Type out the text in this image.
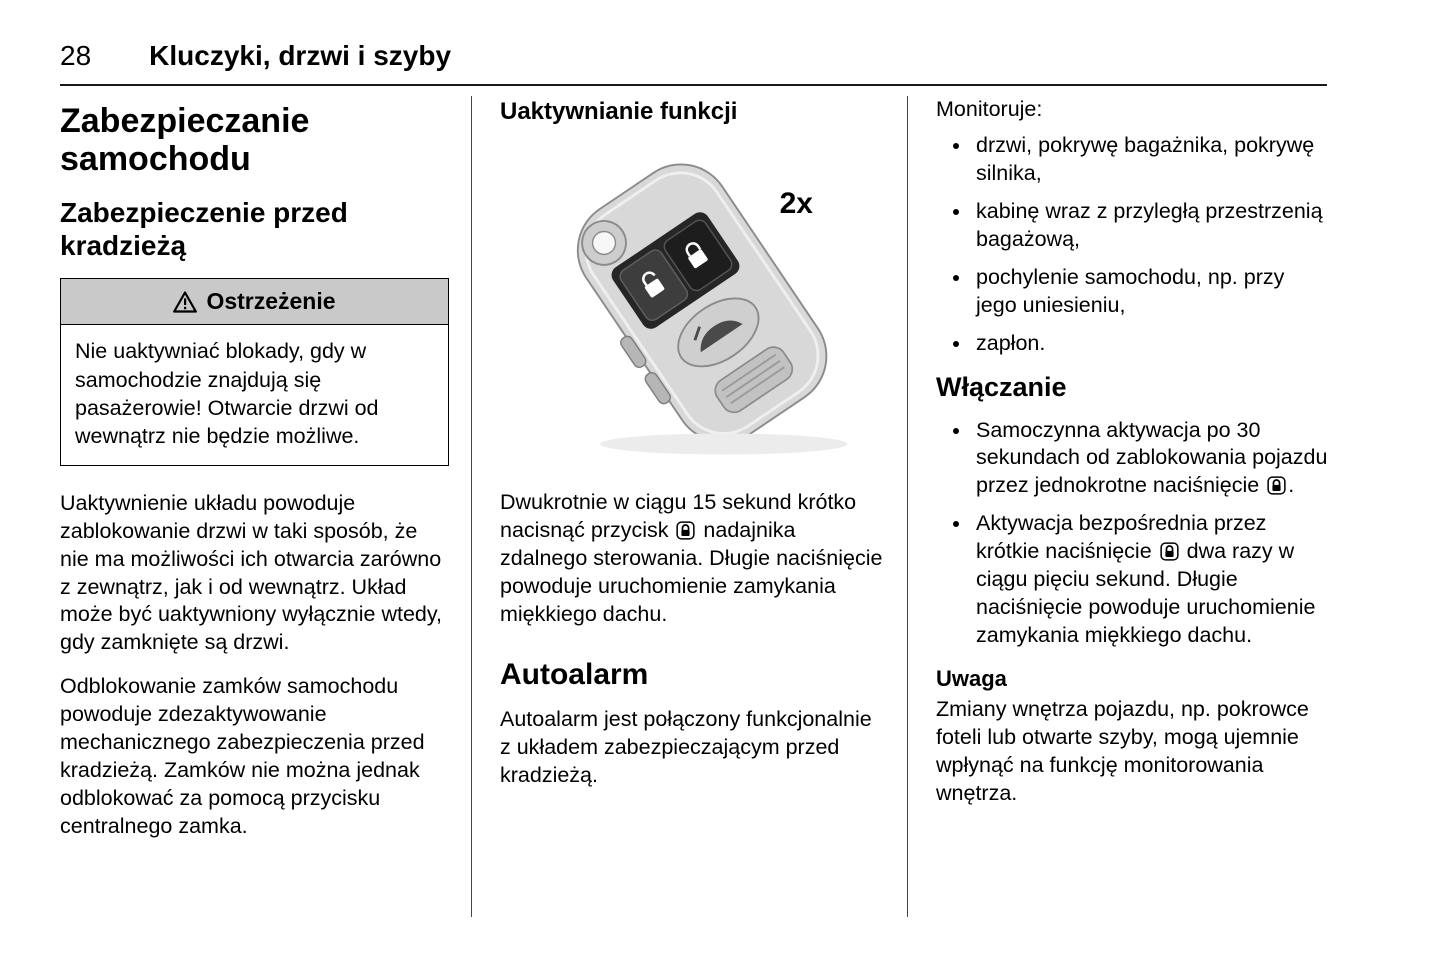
28 Kluczyki, drzwi i szyby
Zabezpieczanie samochodu
Zabezpieczenie przed kradzieżą
Ostrzeżenie
Nie uaktywniać blokady, gdy w samochodzie znajdują się pasażerowie! Otwarcie drzwi od wewnątrz nie będzie możliwe.

Uaktywnienie układu powoduje zablokowanie drzwi w taki sposób, że nie ma możliwości ich otwarcia zarówno z zewnątrz, jak i od wewnątrz. Układ może być uaktywniony wyłącznie wtedy, gdy zamknięte są drzwi.

Odblokowanie zamków samochodu powoduje zdezaktywowanie mechanicznego zabezpieczenia przed kradzieżą. Zamków nie można jednak odblokować za pomocą przycisku centralnego zamka.

Uaktywnianie funkcji
2x

Dwukrotnie w ciągu 15 sekund krótko nacisnąć przycisk
nadajnika zdalnego sterowania. Długie naciśnięcie powoduje uruchomienie zamykania miękkiego dachu.

Autoalarm

Autoalarm jest połączony funkcjonalnie z układem zabezpieczającym przed kradzieżą.

Monitoruje:

• drzwi, pokrywę bagażnika, pokrywę silnika,
• kabinę wraz z przyległą przestrzenią bagażową,
• pochylenie samochodu, np. przy jego uniesieniu,
• zapłon.
Włączanie
• Samoczynna aktywacja po 30 sekundach od zablokowania pojazdu przez jednokrotne naciśnięcie
.
• Aktywacja bezpośrednia przez krótkie naciśnięcie
dwa razy w ciągu pięciu sekund. Długie naciśnięcie powoduje uruchomienie zamykania miękkiego dachu.
Uwaga

Zmiany wnętrza pojazdu, np. pokrowce foteli lub otwarte szyby, mogą ujemnie wpłynąć na funkcję monitorowania wnętrza.
